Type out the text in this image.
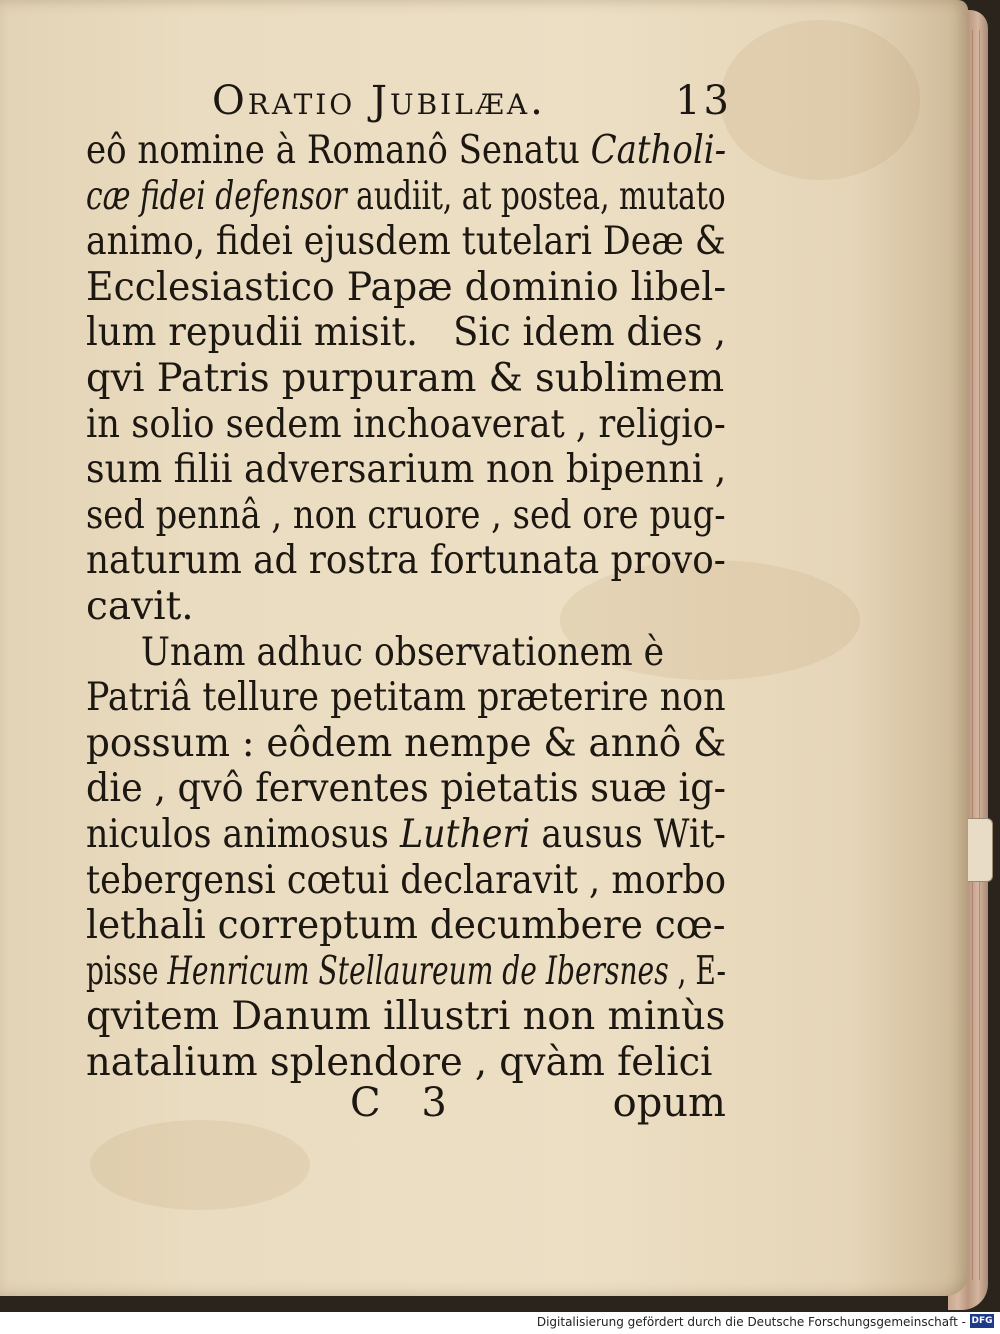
Oratio Jubilæa.	13
eô nomine à Romanô Senatu Catholi-
cæ fidei defensor audiit, at postea, mutato
animo, fidei ejusdem tutelari Deæ &
Ecclesiastico Papæ dominio libel-
lum repudii misit.   Sic idem dies ,
qvi Patris purpuram & sublimem
in solio sedem inchoaverat , religio-
sum filii adversarium non bipenni ,
sed pennâ , non cruore , sed ore pug-
naturum ad rostra fortunata provo-
cavit.
Unam adhuc observationem è
Patriâ tellure petitam præterire non
possum : eôdem nempe & annô &
die , qvô ferventes pietatis suæ ig-
niculos animosus Lutheri ausus Wit-
tebergensi cœtui declaravit , morbo
lethali correptum decumbere cœ-
pisse Henricum Stellaureum de Ibersnes , E-
qvitem Danum illustri non minùs
natalium splendore , qvàm felici
C 3	opum
Digitalisierung gefördert durch die Deutsche Forschungsgemeinschaft - DFG
